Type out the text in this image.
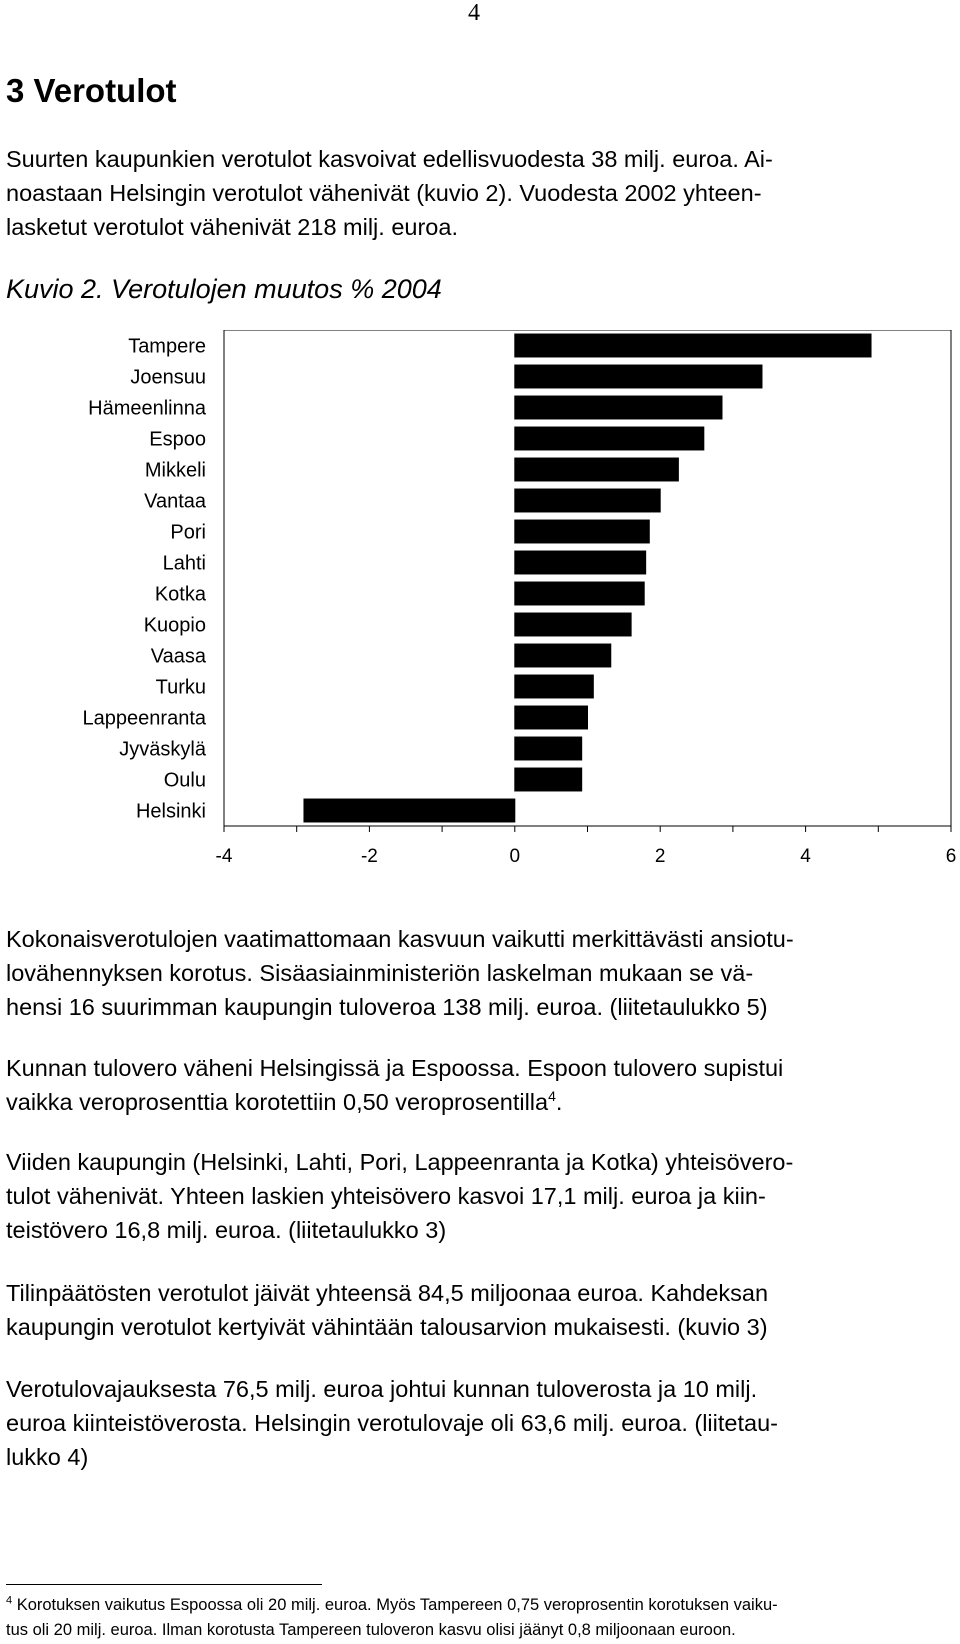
4
3 Verotulot
Suurten kaupunkien verotulot kasvoivat edellisvuodesta 38 milj. euroa. Ai-
noastaan Helsingin verotulot vähenivät (kuvio 2). Vuodesta 2002 yhteen-
lasketut verotulot vähenivät 218 milj. euroa.
Kuvio 2. Verotulojen muutos % 2004
Tampere
Joensuu
Hämeenlinna
Espoo
Mikkeli
Vantaa
Pori
Lahti
Kotka
Kuopio
Vaasa
Turku
Lappeenranta
Jyväskylä
Oulu
Helsinki
-4	-2	0	2	4	6
Kokonaisverotulojen vaatimattomaan kasvuun vaikutti merkittävästi ansiotu-
lovähennyksen korotus. Sisäasiainministeriön laskelman mukaan se vä-
hensi 16 suurimman kaupungin tuloveroa 138 milj. euroa. (liitetaulukko 5)
Kunnan tulovero väheni Helsingissä ja Espoossa. Espoon tulovero supistui
vaikka veroprosenttia korotettiin 0,50 veroprosentilla$^4$.
Viiden kaupungin (Helsinki, Lahti, Pori, Lappeenranta ja Kotka) yhteisövero-
tulot vähenivät. Yhteen laskien yhteisövero kasvoi 17,1 milj. euroa ja kiin-
teistövero 16,8 milj. euroa. (liitetaulukko 3)
Tilinpäätösten verotulot jäivät yhteensä 84,5 miljoonaa euroa. Kahdeksan
kaupungin verotulot kertyivät vähintään talousarvion mukaisesti. (kuvio 3)
Verotulovajauksesta 76,5 milj. euroa johtui kunnan tuloverosta ja 10 milj.
euroa kiinteistöverosta. Helsingin verotulovaje oli 63,6 milj. euroa. (liitetau-
lukko 4)
$^4$ Korotuksen vaikutus Espoossa oli 20 milj. euroa. Myös Tampereen 0,75 veroprosentin korotuksen vaiku-
tus oli 20 milj. euroa. Ilman korotusta Tampereen tuloveron kasvu olisi jäänyt 0,8 miljoonaan euroon.
